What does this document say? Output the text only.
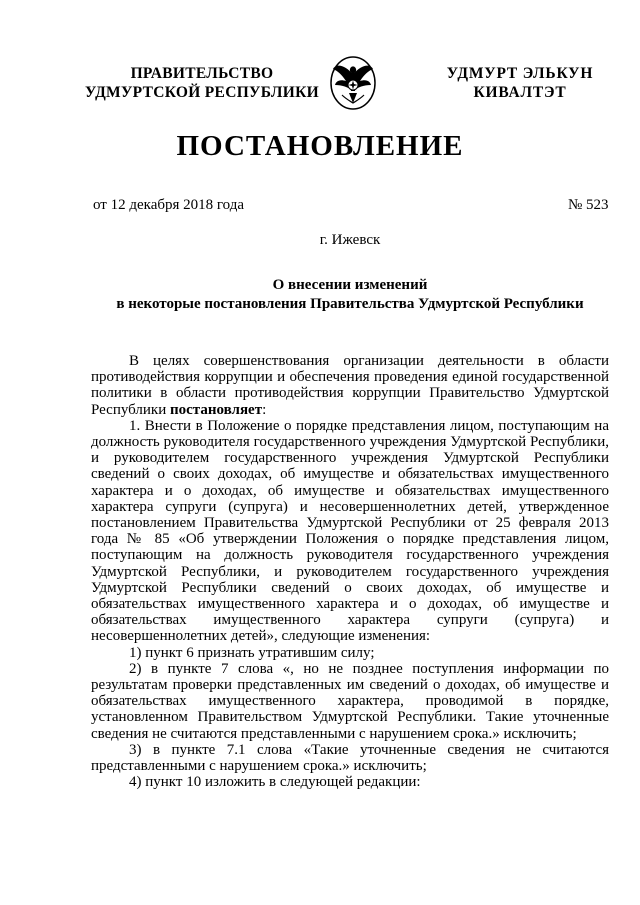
ПРАВИТЕЛЬСТВО
УДМУРТСКОЙ РЕСПУБЛИКИ
УДМУРТ ЭЛЬКУН
КИВАЛТЭТ
ПОСТАНОВЛЕНИЕ
от 12 декабря 2018 года	№ 523
г. Ижевск
О внесении изменений
в некоторые постановления Правительства Удмуртской Республики

В целях совершенствования организации деятельности в области противодействия коррупции и обеспечения проведения единой государственной политики в области противодействия коррупции Правительство Удмуртской Республики постановляет:

1. Внести в Положение о порядке представления лицом, поступающим на должность руководителя государственного учреждения Удмуртской Республики, и руководителем государственного учреждения Удмуртской Республики сведений о своих доходах, об имуществе и обязательствах имущественного характера и о доходах, об имуществе и обязательствах имущественного характера супруги (супруга) и несовершеннолетних детей, утвержденное постановлением Правительства Удмуртской Республики от 25 февраля 2013 года № 85 «Об утверждении Положения о порядке представления лицом, поступающим на должность руководителя государственного учреждения Удмуртской Республики, и руководителем государственного учреждения Удмуртской Республики сведений о своих доходах, об имуществе и обязательствах имущественного характера и о доходах, об имуществе и обязательствах имущественного характера супруги (супруга) и несовершеннолетних детей», следующие изменения:

1) пункт 6 признать утратившим силу;

2) в пункте 7 слова «, но не позднее поступления информации по результатам проверки представленных им сведений о доходах, об имуществе и обязательствах имущественного характера, проводимой в порядке, установленном Правительством Удмуртской Республики. Такие уточненные сведения не считаются представленными с нарушением срока.» исключить;

3) в пункте 7.1 слова «Такие уточненные сведения не считаются представленными с нарушением срока.» исключить;

4) пункт 10 изложить в следующей редакции:
